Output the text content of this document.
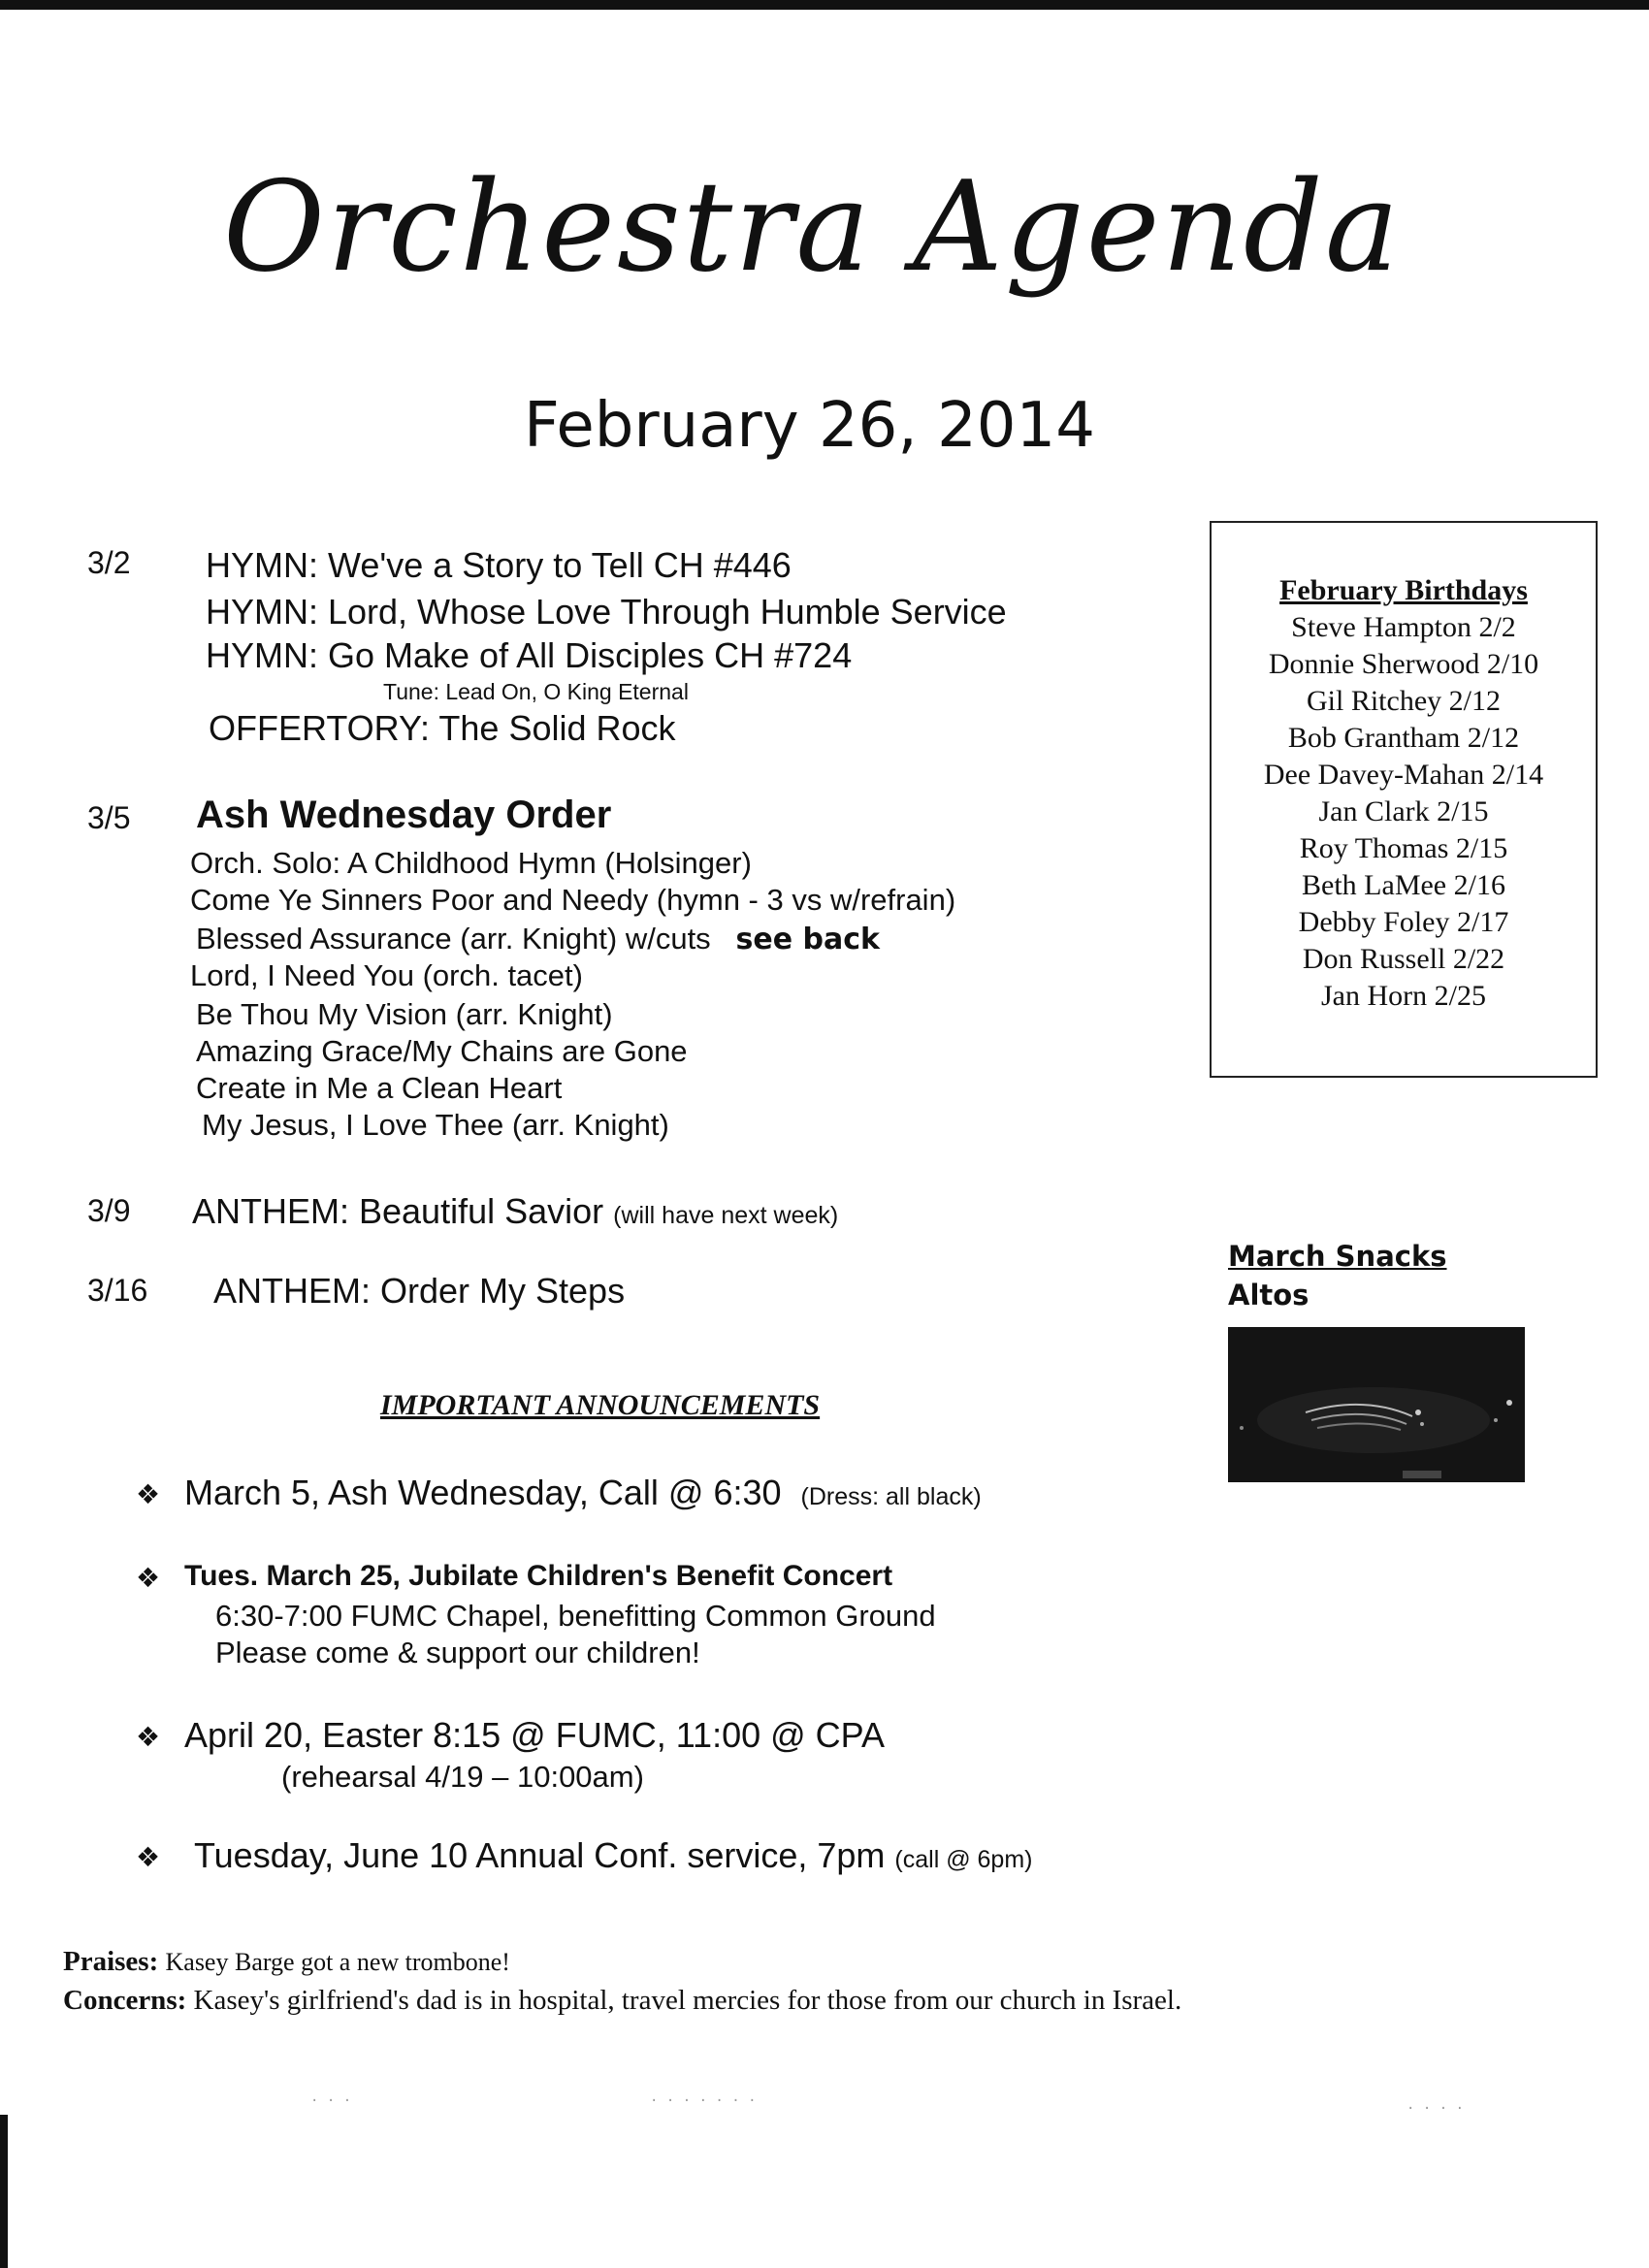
Orchestra Agenda
February 26, 2014
3/2 HYMN: We've a Story to Tell CH #446
HYMN: Lord, Whose Love Through Humble Service
HYMN: Go Make of All Disciples CH #724
Tune: Lead On, O King Eternal
OFFERTORY: The Solid Rock
3/5 Ash Wednesday Order
Orch. Solo: A Childhood Hymn (Holsinger)
Come Ye Sinners Poor and Needy (hymn - 3 vs w/refrain)
Blessed Assurance (arr. Knight) w/cuts see back
Lord, I Need You (orch. tacet)
Be Thou My Vision (arr. Knight)
Amazing Grace/My Chains are Gone
Create in Me a Clean Heart
My Jesus, I Love Thee (arr. Knight)
3/9 ANTHEM: Beautiful Savior (will have next week)
3/16 ANTHEM: Order My Steps
February Birthdays
Steve Hampton 2/2
Donnie Sherwood 2/10
Gil Ritchey 2/12
Bob Grantham 2/12
Dee Davey-Mahan 2/14
Jan Clark 2/15
Roy Thomas 2/15
Beth LaMee 2/16
Debby Foley 2/17
Don Russell 2/22
Jan Horn 2/25
March Snacks
Altos
IMPORTANT ANNOUNCEMENTS
❖ March 5, Ash Wednesday, Call @ 6:30 (Dress: all black)
❖ Tues. March 25, Jubilate Children's Benefit Concert
6:30-7:00 FUMC Chapel, benefitting Common Ground
Please come & support our children!
❖ April 20, Easter 8:15 @ FUMC, 11:00 @ CPA
(rehearsal 4/19 – 10:00am)
❖ Tuesday, June 10 Annual Conf. service, 7pm (call @ 6pm)
Praises: Kasey Barge got a new trombone!
Concerns: Kasey's girlfriend's dad is in hospital, travel mercies for those from our church in Israel.
· · ·	· · · · · · ·	· · · ·
